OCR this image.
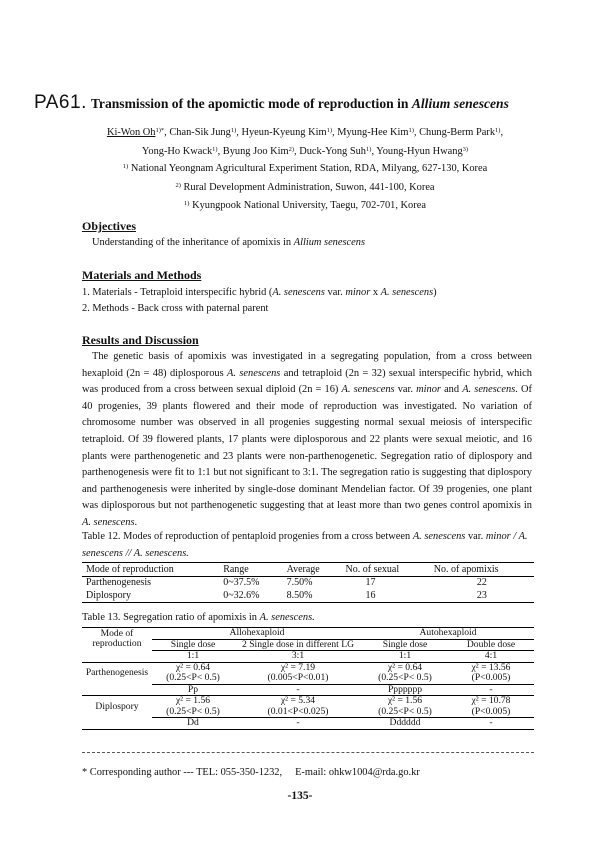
PA61. Transmission of the apomictic mode of reproduction in Allium senescens
Ki-Won $Oh^{1)*}$, Chan-Sik Jung$^{1)}$, Hyeun-Kyeung Kim$^{1)}$, Myung-Hee Kim$^{1)}$, Chung-Berm Park$^{1)}$,
Yong-Ho Kwack$^{1)}$, Byung Joo Kim$^{2)}$, Duck-Yong Suh$^{1)}$, Young-Hyun Hwang$^{3)}$
$^{1)}$ National Yeongnam Agricultural Experiment Station, RDA, Milyang, 627-130, Korea
$^{2)}$ Rural Development Administration, Suwon, 441-100, Korea
$^{1)}$ Kyungpook National University, Taegu, 702-701, Korea
Objectives
Understanding of the inheritance of apomixis in Allium senescens
Materials and Methods
1. Materials - Tetraploid interspecific hybrid (A. senescens var. minor x A. senescens)
2. Methods - Back cross with paternal parent
Results and Discussion
The genetic basis of apomixis was investigated in a segregating population, from a cross between hexaploid (2n = 48) diplosporous A. senescens and tetraploid (2n = 32) sexual interspecific hybrid, which was produced from a cross between sexual diploid (2n = 16) A. senescens var. minor and A. senescens. Of 40 progenies, 39 plants flowered and their mode of reproduction was investigated. No variation of chromosome number was observed in all progenies suggesting normal sexual meiosis of interspecific tetraploid. Of 39 flowered plants, 17 plants were diplosporous and 22 plants were sexual meiotic, and 16 plants were parthenogenetic and 23 plants were non-parthenogenetic. Segregation ratio of diplospory and parthenogenesis were fit to 1:1 but not significant to 3:1. The segregation ratio is suggesting that diplospory and parthenogenesis were inherited by single-dose dominant Mendelian factor. Of 39 progenies, one plant was diplosporous but not parthenogenetic suggesting that at least more than two genes control apomixis in A. senescens.
Table 12. Modes of reproduction of pentaploid progenies from a cross between A. senescens var. minor / A. senescens // A. senescens.
Mode of reproduction	Range	Average	No. of sexual	No. of apomixis
Parthenogenesis	0~37.5%	7.50%	17	22
Diplospory	0~32.6%	8.50%	16	23
Table 13. Segregation ratio of apomixis in A. senescens.
Mode of
reproduction	Allohexaploid		Autohexaploid	
	Single dose	2 Single dose in different LG	Single dose	Double dose
	1:1	3:1	1:1	4:1
Parthenogenesis	χ² = 0.64	χ² = 7.19	χ² = 0.64	χ² = 13.56
	(0.25<P< 0.5)	(0.005<P<0.01)	(0.25<P< 0.5)	(P<0.005)
	Pp	-	Ppppppp	-
Diplospory	χ² = 1.56	χ² = 5.34	χ² = 1.56	χ² = 10.78
	(0.25<P< 0.5)	(0.01<P<0.025)	(0.25<P< 0.5)	(P<0.005)
	Dd	-	Dddddd	-
* Corresponding author --- TEL: 055-350-1232,     E-mail: ohkw1004@rda.go.kr
-135-
